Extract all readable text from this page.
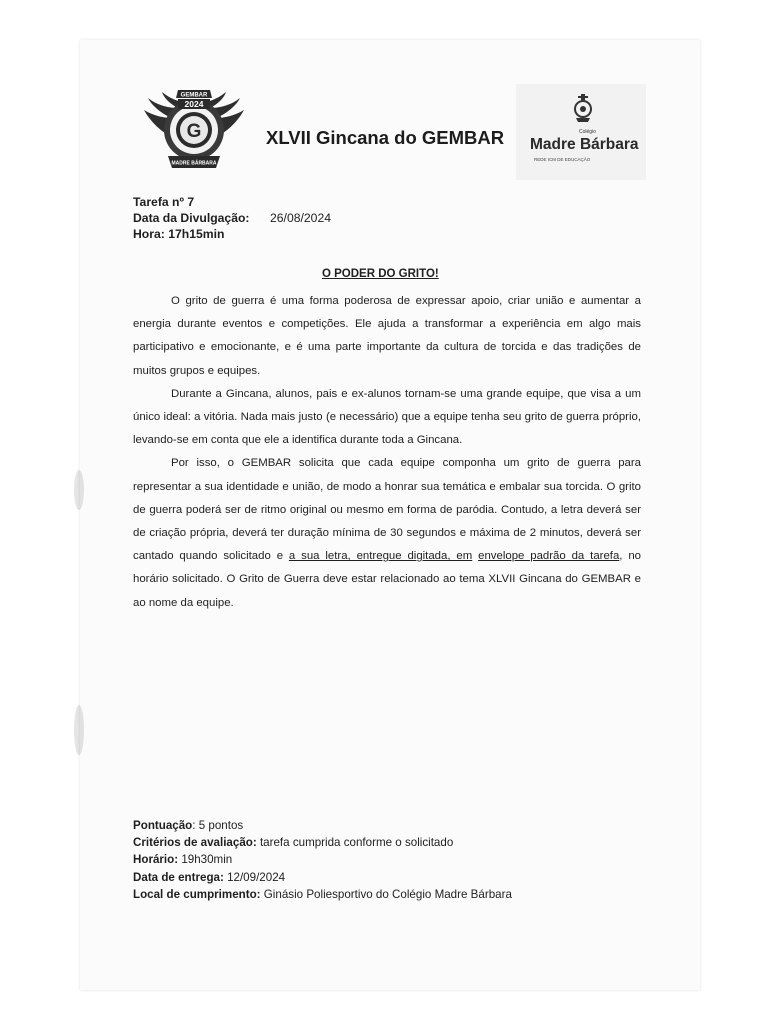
GEMBAR
2024
G
MADRE BÁRBARA
XLVII Gincana do GEMBAR	Colégio
Madre Bárbara
REDE ICM DE EDUCAÇÃO
Tarefa nº 7
Data da Divulgação: 26/08/2024
Hora: 17h15min
O PODER DO GRITO!

O grito de guerra é uma forma poderosa de expressar apoio, criar união e aumentar a energia durante eventos e competições. Ele ajuda a transformar a experiência em algo mais participativo e emocionante, e é uma parte importante da cultura de torcida e das tradições de muitos grupos e equipes.

Durante a Gincana, alunos, pais e ex-alunos tornam-se uma grande equipe, que visa a um único ideal: a vitória. Nada mais justo (e necessário) que a equipe tenha seu grito de guerra próprio, levando-se em conta que ele a identifica durante toda a Gincana.

Por isso, o GEMBAR solicita que cada equipe componha um grito de guerra para representar a sua identidade e união, de modo a honrar sua temática e embalar sua torcida. O grito de guerra poderá ser de ritmo original ou mesmo em forma de paródia. Contudo, a letra deverá ser de criação própria, deverá ter duração mínima de 30 segundos e máxima de 2 minutos, deverá ser cantado quando solicitado e a sua letra, entregue digitada, em envelope padrão da tarefa, no horário solicitado. O Grito de Guerra deve estar relacionado ao tema XLVII Gincana do GEMBAR e ao nome da equipe.

Pontuação: 5 pontos
Critérios de avaliação: tarefa cumprida conforme o solicitado
Horário: 19h30min
Data de entrega: 12/09/2024
Local de cumprimento: Ginásio Poliesportivo do Colégio Madre Bárbara
